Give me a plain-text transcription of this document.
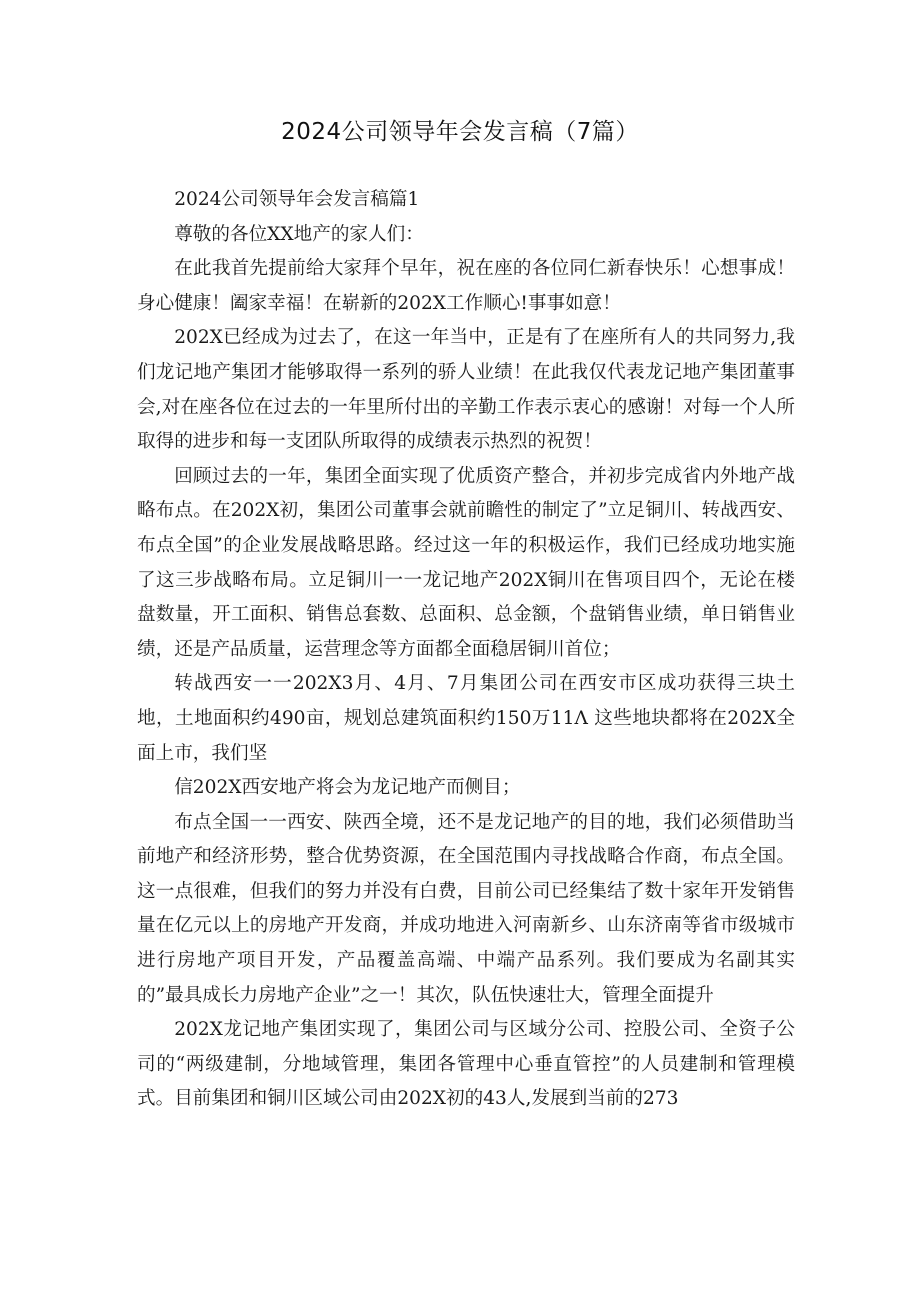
2024公司领导年会发言稿（7篇）

2024公司领导年会发言稿篇1

尊敬的各位XX地产的家人们：

在此我首先提前给大家拜个早年，祝在座的各位同仁新春快乐！心想事成！身心健康！阖家幸福！在崭新的202X工作顺心!事事如意！

202X已经成为过去了，在这一年当中，正是有了在座所有人的共同努力,我们龙记地产集团才能够取得一系列的骄人业绩！在此我仅代表龙记地产集团董事会,对在座各位在过去的一年里所付出的辛勤工作表示衷心的感谢！对每一个人所取得的进步和每一支团队所取得的成绩表示热烈的祝贺！

回顾过去的一年，集团全面实现了优质资产整合，并初步完成省内外地产战略布点。在202X初，集团公司董事会就前瞻性的制定了”立足铜川、转战西安、布点全国”的企业发展战略思路。经过这一年的积极运作，我们已经成功地实施了这三步战略布局。立足铜川一一龙记地产202X铜川在售项目四个，无论在楼盘数量，开工面积、销售总套数、总面积、总金额，个盘销售业绩，单日销售业绩，还是产品质量，运营理念等方面都全面稳居铜川首位；

转战西安一一202X3月、4月、7月集团公司在西安市区成功获得三块土地，土地面积约490亩，规划总建筑面积约150万11Λ 这些地块都将在202X全面上市，我们坚

信202X西安地产将会为龙记地产而侧目；

布点全国一一西安、陕西全境，还不是龙记地产的目的地，我们必须借助当前地产和经济形势，整合优势资源，在全国范围内寻找战略合作商，布点全国。这一点很难，但我们的努力并没有白费，目前公司已经集结了数十家年开发销售量在亿元以上的房地产开发商，并成功地进入河南新乡、山东济南等省市级城市进行房地产项目开发，产品覆盖高端、中端产品系列。我们要成为名副其实的”最具成长力房地产企业”之一！其次，队伍快速壮大，管理全面提升

202X龙记地产集团实现了，集团公司与区域分公司、控股公司、全资子公司的“两级建制，分地域管理，集团各管理中心垂直管控”的人员建制和管理模式。目前集团和铜川区域公司由202X初的43人,发展到当前的273
